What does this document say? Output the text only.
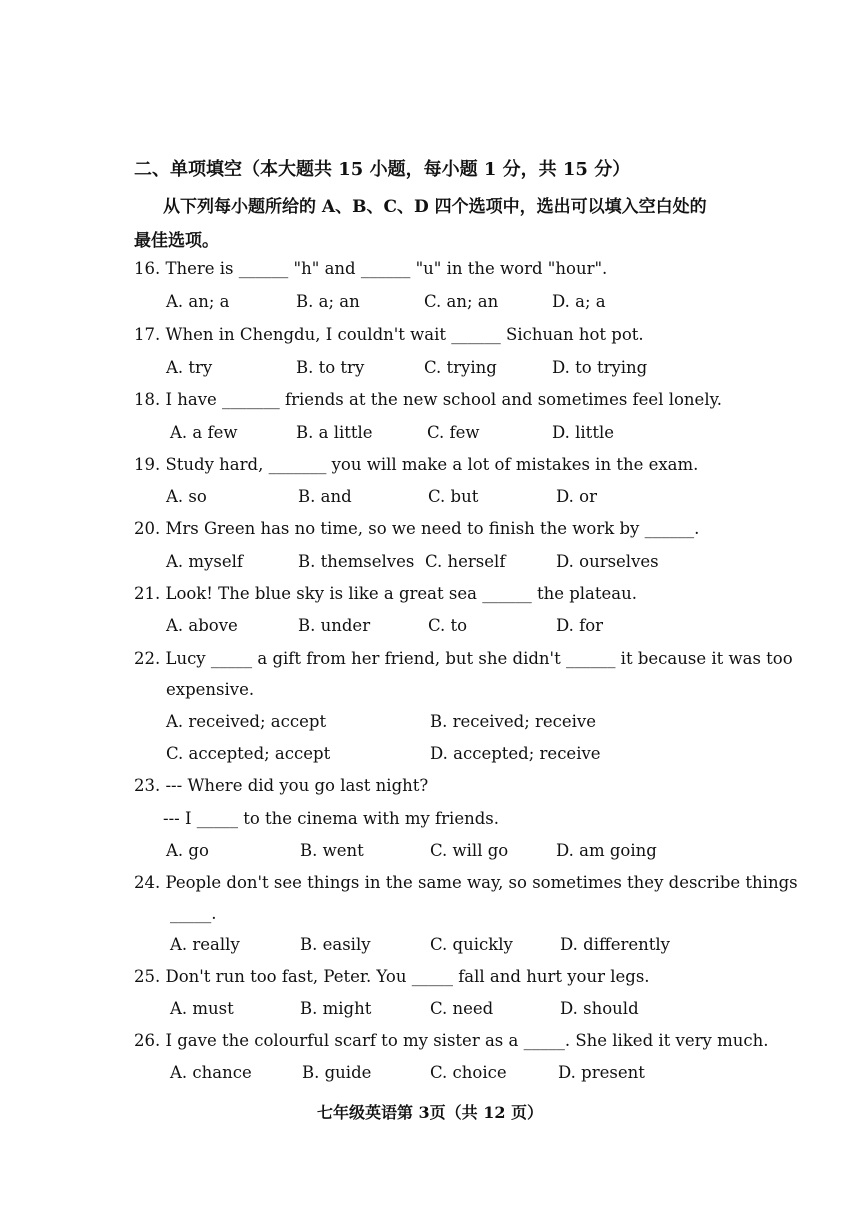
二、单项填空（本大题共 15 小题，每小题 1 分，共 15 分）
从下列每小题所给的 A、B、C、D 四个选项中，选出可以填入空白处的
最佳选项。
16. There is ______ "h" and ______ "u" in the word "hour".
A. an; a	B. a; an	C. an; an	D. a; a
17. When in Chengdu, I couldn't wait ______ Sichuan hot pot.
A. try	B. to try	C. trying	D. to trying
18. I have _______ friends at the new school and sometimes feel lonely.
A. a few	B. a little	C. few	D. little
19. Study hard, _______ you will make a lot of mistakes in the exam.
A. so	B. and	C. but	D. or
20. Mrs Green has no time, so we need to finish the work by ______.
A. myself	B. themselves C. herself	D. ourselves
21. Look! The blue sky is like a great sea ______ the plateau.
A. above	B. under	C. to	D. for
22. Lucy _____ a gift from her friend, but she didn't ______ it because it was too
expensive.
A. received; accept	B. received; receive
C. accepted; accept	D. accepted; receive
23. --- Where did you go last night?
--- I _____ to the cinema with my friends.
A. go	B. went	C. will go	D. am going
24. People don't see things in the same way, so sometimes they describe things
_____.
A. really	B. easily	C. quickly	D. differently
25. Don't run too fast, Peter. You _____ fall and hurt your legs.
A. must	B. might	C. need	D. should
26. I gave the colourful scarf to my sister as a _____. She liked it very much.
A. chance	B. guide	C. choice	D. present
七年级英语第 3页（共 12 页）
